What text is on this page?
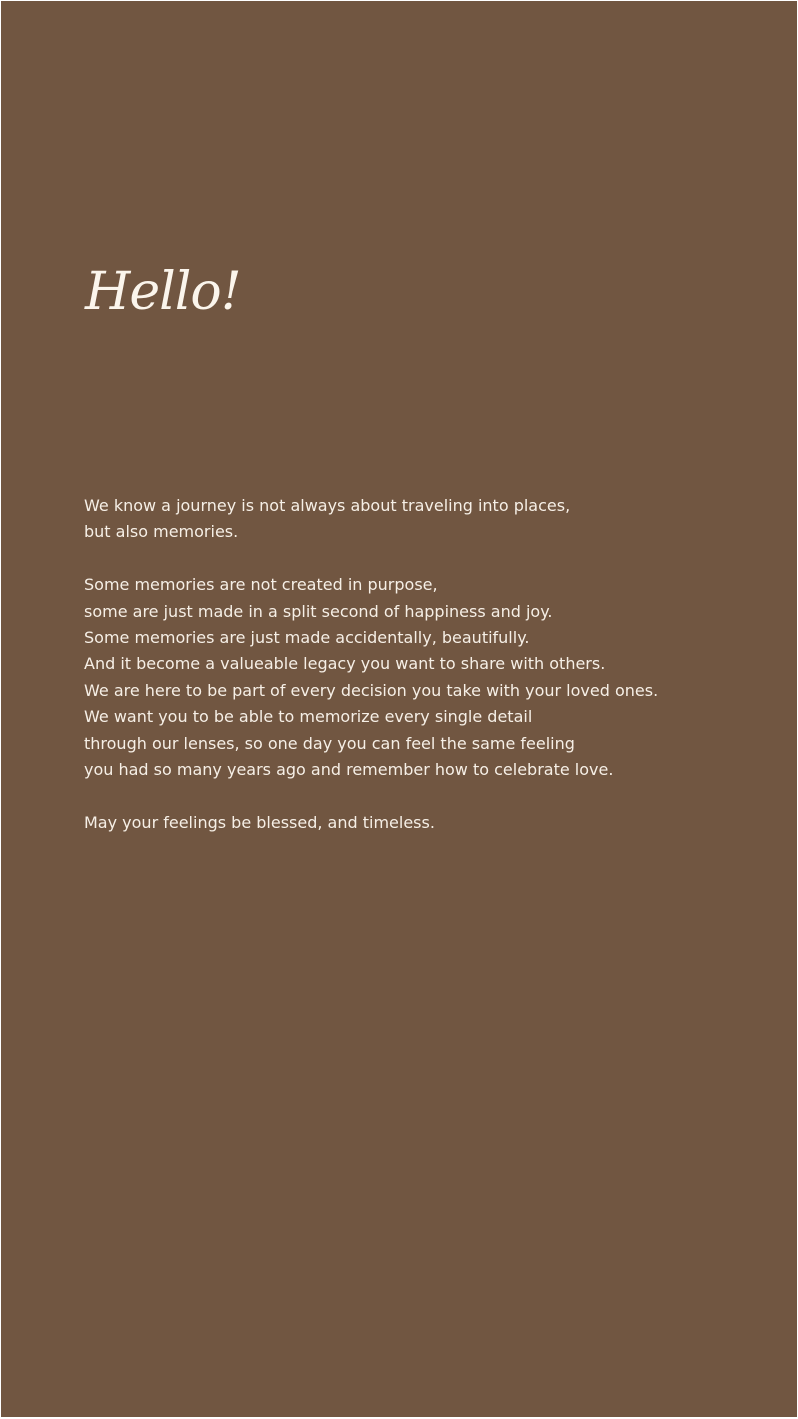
Hello!

We know a journey is not always about traveling into places,
but also memories.

Some memories are not created in purpose,
some are just made in a split second of happiness and joy.
Some memories are just made accidentally, beautifully.
And it become a valueable legacy you want to share with others.
We are here to be part of every decision you take with your loved ones.
We want you to be able to memorize every single detail
through our lenses, so one day you can feel the same feeling
you had so many years ago and remember how to celebrate love.

May your feelings be blessed, and timeless.
